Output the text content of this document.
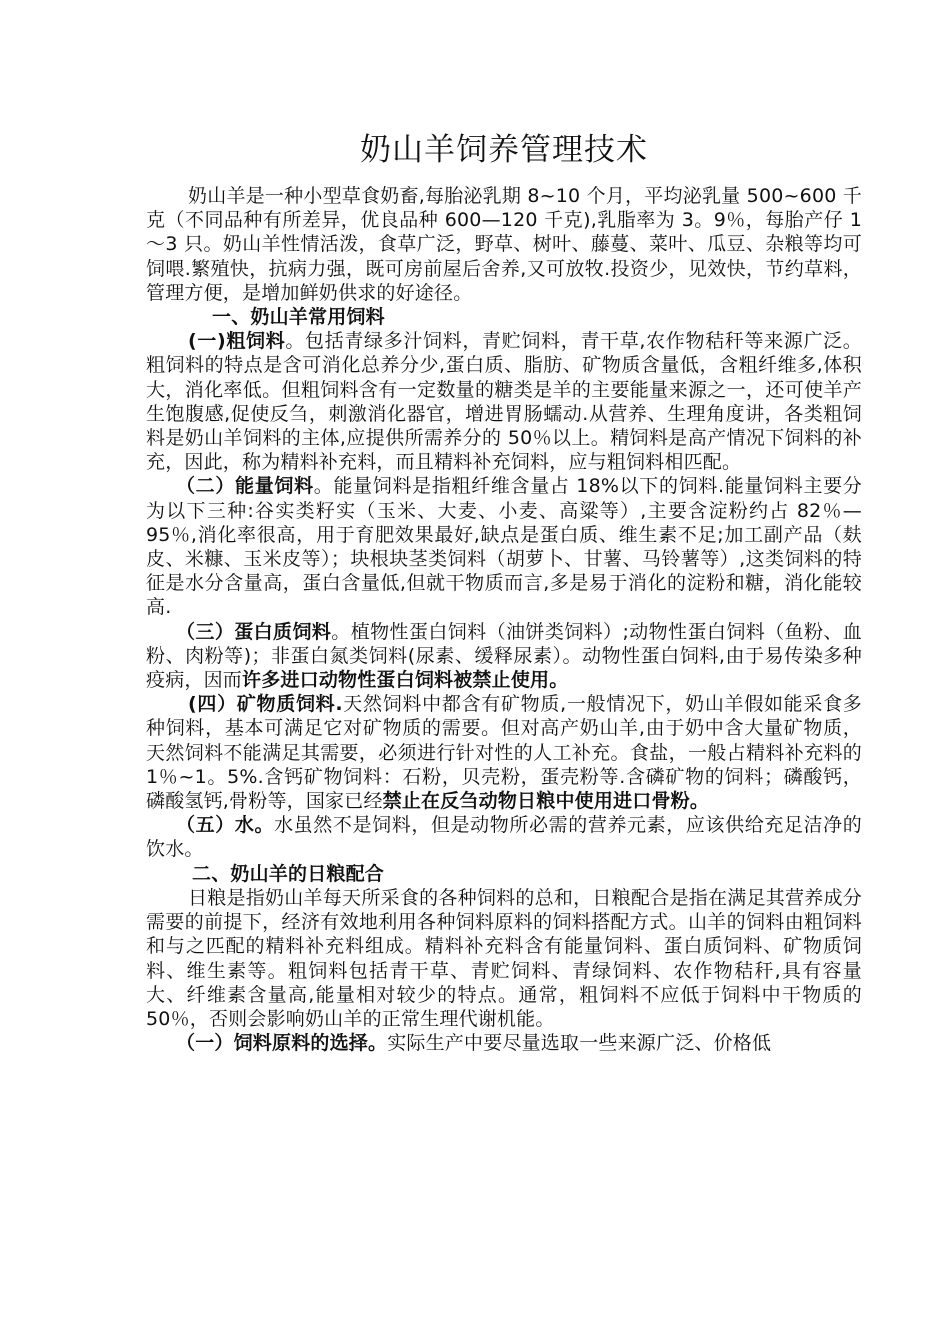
奶山羊饲养管理技术

奶山羊是一种小型草食奶畜,每胎泌乳期 8~10 个月，平均泌乳量 500~600 千克（不同品种有所差异，优良品种 600—120 千克),乳脂率为 3。9％，每胎产仔 1～3 只。奶山羊性情活泼，食草广泛，野草、树叶、藤蔓、菜叶、瓜豆、杂粮等均可饲喂.繁殖快，抗病力强，既可房前屋后舍养,又可放牧.投资少，见效快，节约草料，管理方便，是增加鲜奶供求的好途径。

一、奶山羊常用饲料

(一)粗饲料。包括青绿多汁饲料，青贮饲料，青干草,农作物秸秆等来源广泛。粗饲料的特点是含可消化总养分少,蛋白质、脂肪、矿物质含量低，含粗纤维多,体积大，消化率低。但粗饲料含有一定数量的糖类是羊的主要能量来源之一，还可使羊产生饱腹感,促使反刍，刺激消化器官，增进胃肠蠕动.从营养、生理角度讲，各类粗饲料是奶山羊饲料的主体,应提供所需养分的 50％以上。精饲料是高产情况下饲料的补充，因此，称为精料补充料，而且精料补充饲料，应与粗饲料相匹配。

（二）能量饲料。能量饲料是指粗纤维含量占 18%以下的饲料.能量饲料主要分为以下三种:谷实类籽实（玉米、大麦、小麦、高粱等）,主要含淀粉约占 82％—95％,消化率很高，用于育肥效果最好,缺点是蛋白质、维生素不足;加工副产品（麸皮、米糠、玉米皮等）；块根块茎类饲料（胡萝卜、甘薯、马铃薯等）,这类饲料的特征是水分含量高，蛋白含量低,但就干物质而言,多是易于消化的淀粉和糖，消化能较高.

（三）蛋白质饲料。植物性蛋白饲料（油饼类饲料）;动物性蛋白饲料（鱼粉、血粉、肉粉等)；非蛋白氮类饲料(尿素、缓释尿素）。动物性蛋白饲料,由于易传染多种疫病，因而许多进口动物性蛋白饲料被禁止使用。

(四）矿物质饲料.天然饲料中都含有矿物质,一般情况下，奶山羊假如能采食多种饲料，基本可满足它对矿物质的需要。但对高产奶山羊,由于奶中含大量矿物质，天然饲料不能满足其需要，必须进行针对性的人工补充。食盐，一般占精料补充料的 1％~1。5%.含钙矿物饲料：石粉，贝壳粉，蛋壳粉等.含磷矿物的饲料；磷酸钙，磷酸氢钙,骨粉等，国家已经禁止在反刍动物日粮中使用进口骨粉。

（五）水。水虽然不是饲料，但是动物所必需的营养元素，应该供给充足洁净的饮水。

二、奶山羊的日粮配合

日粮是指奶山羊每天所采食的各种饲料的总和，日粮配合是指在满足其营养成分需要的前提下，经济有效地利用各种饲料原料的饲料搭配方式。山羊的饲料由粗饲料和与之匹配的精料补充料组成。精料补充料含有能量饲料、蛋白质饲料、矿物质饲料、维生素等。粗饲料包括青干草、青贮饲料、青绿饲料、农作物秸秆,具有容量大、纤维素含量高,能量相对较少的特点。通常，粗饲料不应低于饲料中干物质的 50％，否则会影响奶山羊的正常生理代谢机能。

（一）饲料原料的选择。实际生产中要尽量选取一些来源广泛、价格低
